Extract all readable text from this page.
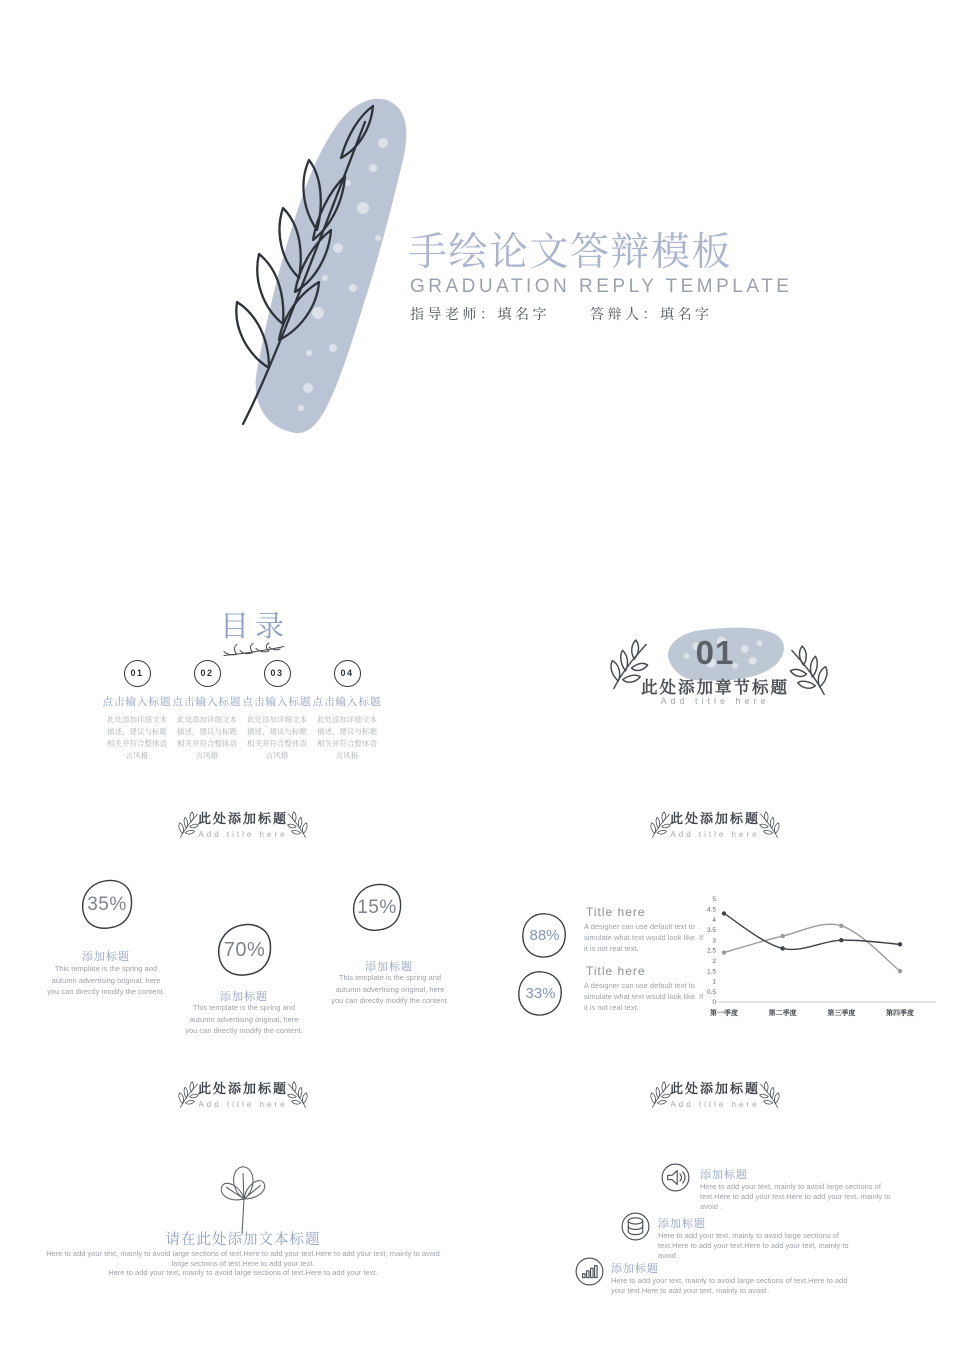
手绘论文答辩模板
GRADUATION REPLY TEMPLATE
指导老师：填名字	答辩人：填名字
目录
01
点击输入标题
此处添加详细文本描述，建议与标题相关并符合整体语言风格
02
点击输入标题
此处添加详细文本描述，建议与标题相关并符合整体语言风格
03
点击输入标题
此处添加详细文本描述，建议与标题相关并符合整体语言风格
04
点击输入标题
此处添加详细文本描述，建议与标题相关并符合整体语言风格
01
此处添加章节标题
Add title here
此处添加标题
Add title here
35%
添加标题
This template is the spring and autumn advertising original, here you can directly modify the content.
70%
添加标题
This template is the spring and autumn advertising original, here you can directly modify the content.
15%
添加标题
This template is the spring and autumn advertising original, here you can directly modify the content.
此处添加标题
Add title here
88%
Title here
A designer can use default text to simulate what text would look like. If it is not real text.
33%
Title here
A designer can use default text to simulate what text would look like. If it is not real text.
0
0.5
1
1.5
2
2.5
3
3.5
4
4.5
5
第一季度	第二季度	第三季度	第四季度
此处添加标题
Add title here
请在此处添加文本标题
Here to add your text, mainly to avoid large sections of text.Here to add your text.Here to add your text, mainly to avoid
large sections of text.Here to add your text.
Here to add your text, mainly to avoid large sections of text.Here to add your text.
此处添加标题
Add title here
添加标题
Here to add your text, mainly to avoid large sections of text.Here to add your text.Here to add your text, mainly to avoid .
添加标题
Here to add your text, mainly to avoid large sections of text.Here to add your text.Here to add your text, mainly to avoid .
添加标题
Here to add your text, mainly to avoid large sections of text.Here to add your text.Here to add your text, mainly to avoid .
